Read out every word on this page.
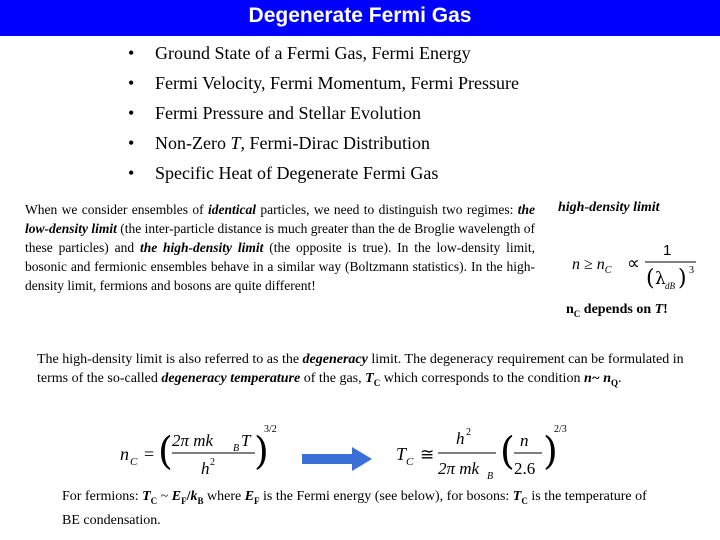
Degenerate Fermi Gas
• Ground State of a Fermi Gas, Fermi Energy
• Fermi Velocity, Fermi Momentum, Fermi Pressure
• Fermi Pressure and Stellar Evolution
• Non-Zero T, Fermi-Dirac Distribution
• Specific Heat of Degenerate Fermi Gas

When we consider ensembles of identical particles, we need to distinguish two regimes: the low-density limit (the inter-particle distance is much greater than the de Broglie wavelength of these particles) and the high-density limit (the opposite is true). In the low-density limit, bosonic and fermionic ensembles behave in a similar way (Boltzmann statistics). In the high-density limit, fermions and bosons are quite different!

high-density limit
$n \ge n_C$ ∝
1
( λ dB ) 3
$n_C$ depends on T!

The high-density limit is also referred to as the degeneracy limit. The degeneracy requirement can be formulated in terms of the so-called degeneracy temperature of the gas, $T_C$ which corresponds to the condition n~ $n_Q$.

n C = ( 2π mk B T
h 2 )
3/2
T C ≅
h 2
2π mk B
( n
2.6 )
2/3

For fermions: $T_C$ ~ $E_F/k_B$ where $E_F$ is the Fermi energy (see below), for bosons: $T_C$ is the temperature of BE condensation.
